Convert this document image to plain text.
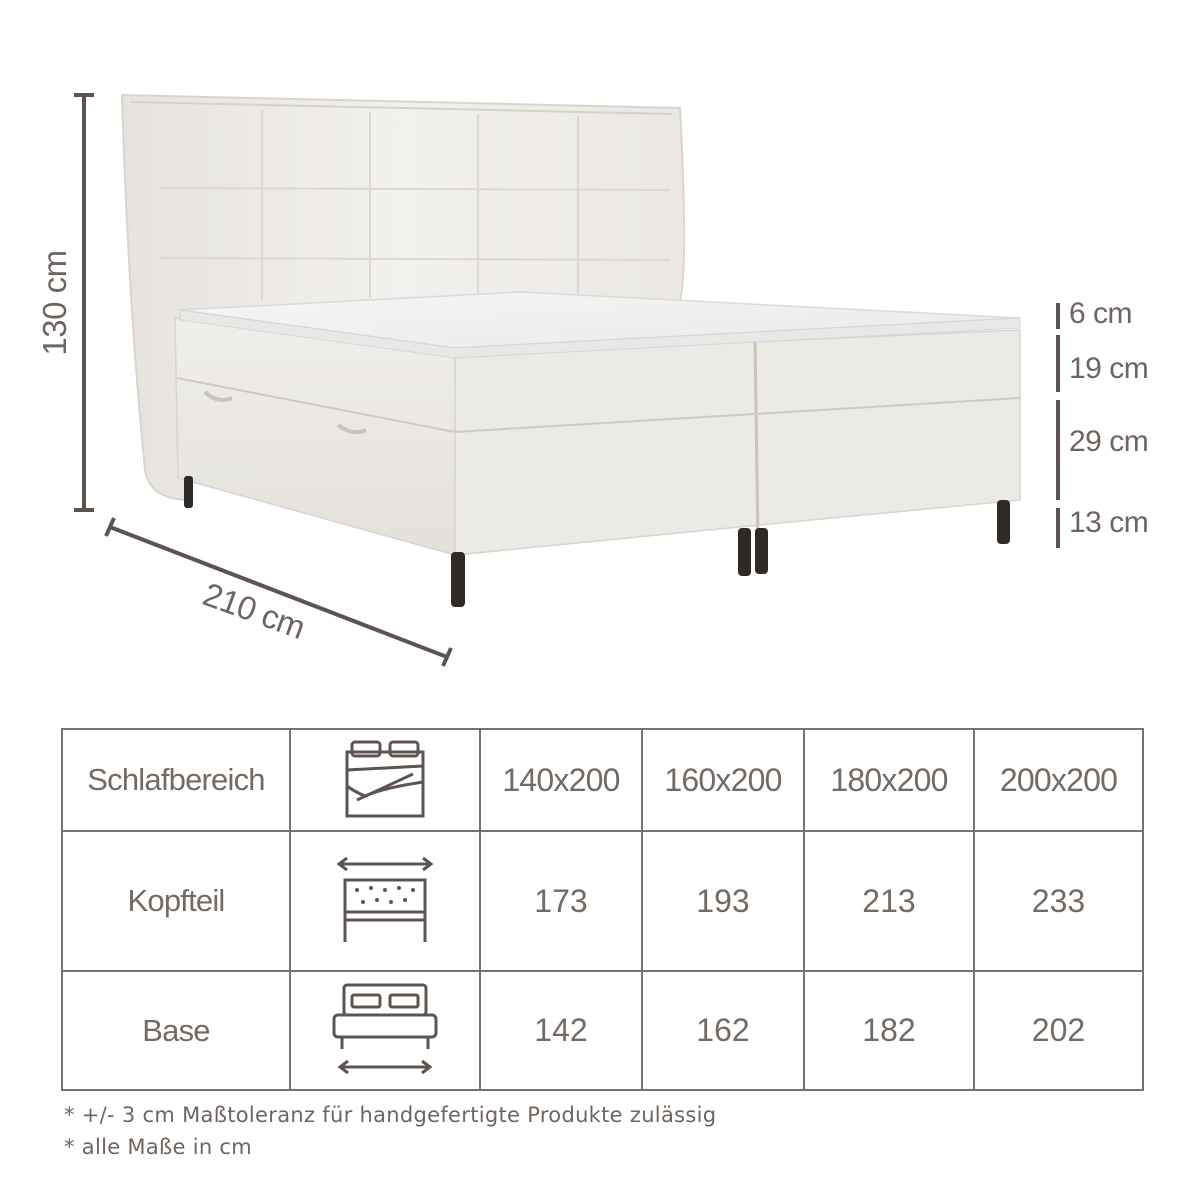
130 cm
210 cm
6 cm
19 cm
29 cm
13 cm
Schlafbereich		140x200	160x200	180x200	200x200
Kopfteil		173	193	213	233
Base		142	162	182	202
* +/- 3 cm Maßtoleranz für handgefertigte Produkte zulässig
* alle Maße in cm
